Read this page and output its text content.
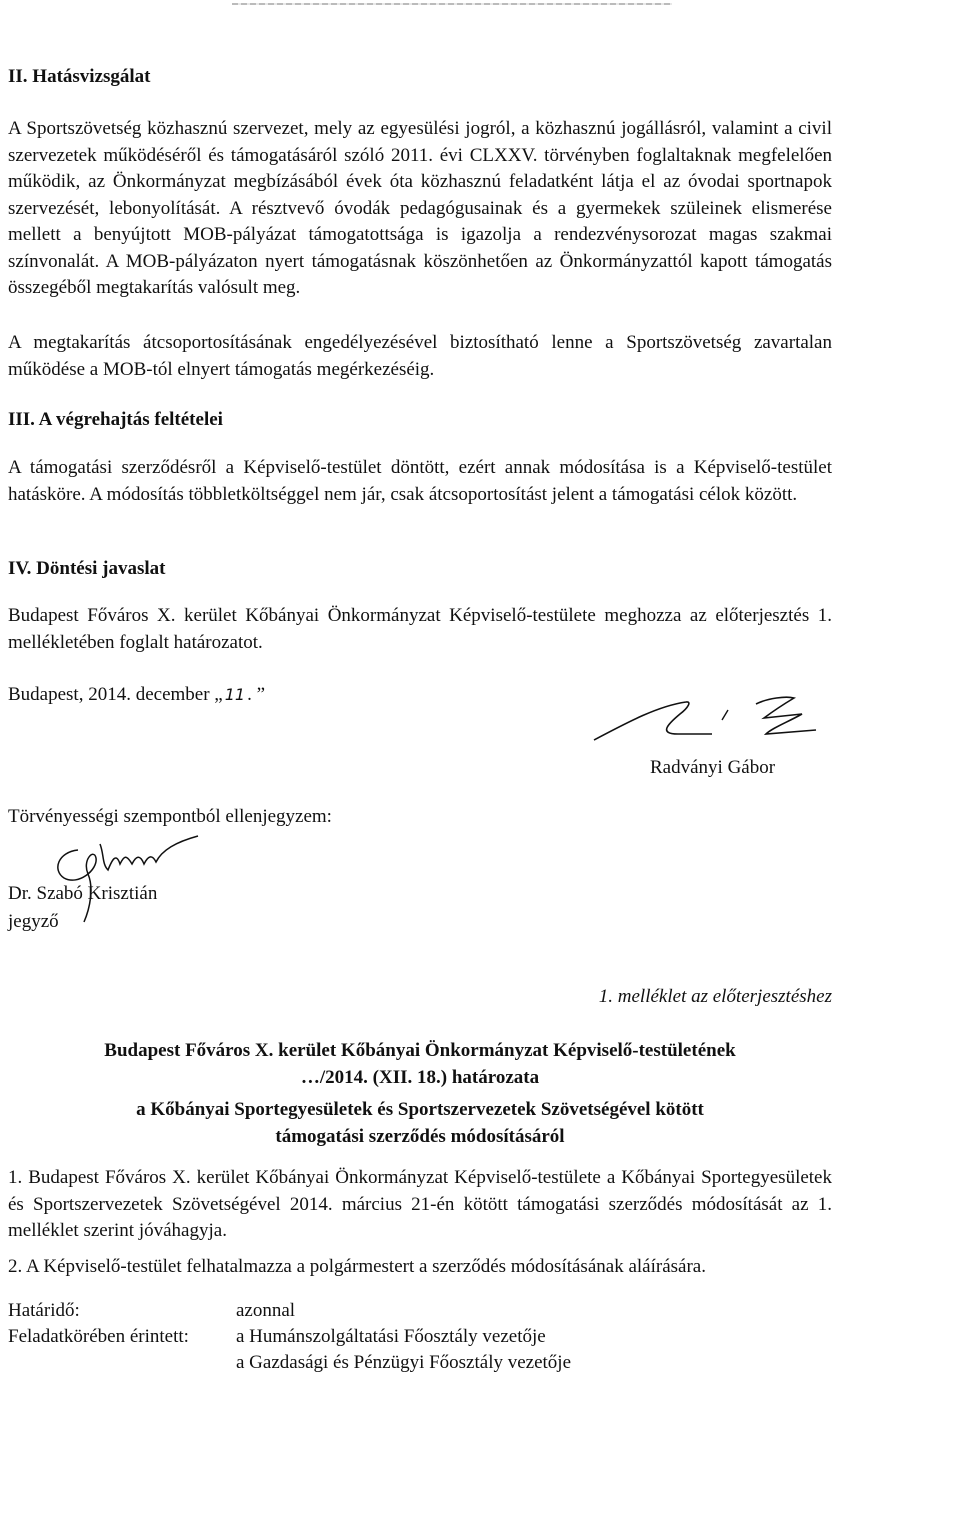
II. Hatásvizsgálat

A Sportszövetség közhasznú szervezet, mely az egyesülési jogról, a közhasznú jogállásról, valamint a civil szervezetek működéséről és támogatásáról szóló 2011. évi CLXXV. törvényben foglaltaknak megfelelően működik, az Önkormányzat megbízásából évek óta közhasznú feladatként látja el az óvodai sportnapok szervezését, lebonyolítását. A résztvevő óvodák pedagógusainak és a gyermekek szüleinek elismerése mellett a benyújtott MOB-pályázat támogatottsága is igazolja a rendezvénysorozat magas szakmai színvonalát. A MOB-pályázaton nyert támogatásnak köszönhetően az Önkormányzattól kapott támogatás összegéből megtakarítás valósult meg.

A megtakarítás átcsoportosításának engedélyezésével biztosítható lenne a Sportszövetség zavartalan működése a MOB-tól elnyert támogatás megérkezéséig.

III. A végrehajtás feltételei

A támogatási szerződésről a Képviselő-testület döntött, ezért annak módosítása is a Képviselő-testület hatásköre. A módosítás többletköltséggel nem jár, csak átcsoportosítást jelent a támogatási célok között.

IV. Döntési javaslat

Budapest Főváros X. kerület Kőbányai Önkormányzat Képviselő-testülete meghozza az előterjesztés 1. mellékletében foglalt határozatot.

Budapest, 2014. december „ 11 . ”
Radványi Gábor
Törvényességi szempontból ellenjegyzem:
Dr. Szabó Krisztián
jegyző
1. melléklet az előterjesztéshez
Budapest Főváros X. kerület Kőbányai Önkormányzat Képviselő-testületének
…/2014. (XII. 18.) határozata
a Kőbányai Sportegyesületek és Sportszervezetek Szövetségével kötött
támogatási szerződés módosításáról

1. Budapest Főváros X. kerület Kőbányai Önkormányzat Képviselő-testülete a Kőbányai Sportegyesületek és Sportszervezetek Szövetségével 2014. március 21-én kötött támogatási szerződés módosítását az 1. melléklet szerint jóváhagyja.

2. A Képviselő-testület felhatalmazza a polgármestert a szerződés módosításának aláírására.

Határidő:	azonnal
Feladatkörében érintett: a Humánszolgáltatási Főosztály vezetője
a Gazdasági és Pénzügyi Főosztály vezetője
